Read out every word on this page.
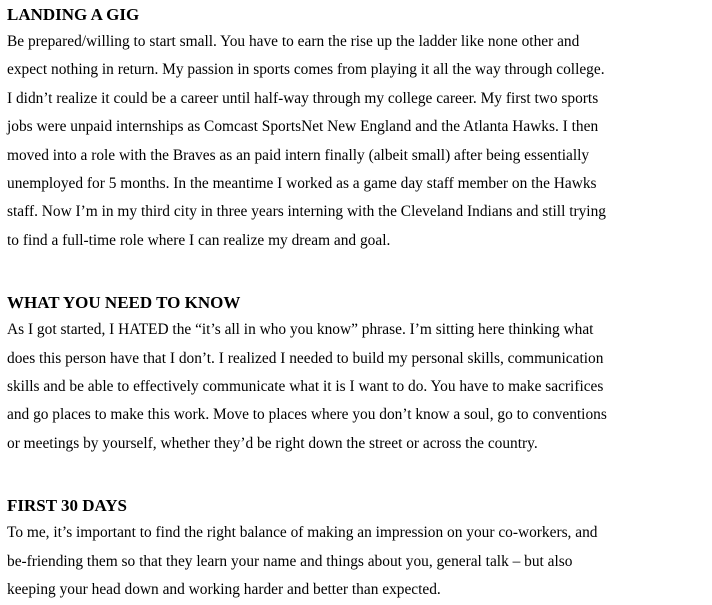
LANDING A GIG

Be prepared/willing to start small. You have to earn the rise up the ladder like none other and
expect nothing in return. My passion in sports comes from playing it all the way through college.
I didn’t realize it could be a career until half-way through my college career. My first two sports
jobs were unpaid internships as Comcast SportsNet New England and the Atlanta Hawks. I then
moved into a role with the Braves as an paid intern finally (albeit small) after being essentially
unemployed for 5 months. In the meantime I worked as a game day staff member on the Hawks
staff. Now I’m in my third city in three years interning with the Cleveland Indians and still trying
to find a full-time role where I can realize my dream and goal.

WHAT YOU NEED TO KNOW

As I got started, I HATED the “it’s all in who you know” phrase. I’m sitting here thinking what
does this person have that I don’t. I realized I needed to build my personal skills, communication
skills and be able to effectively communicate what it is I want to do. You have to make sacrifices
and go places to make this work. Move to places where you don’t know a soul, go to conventions
or meetings by yourself, whether they’d be right down the street or across the country.

FIRST 30 DAYS

To me, it’s important to find the right balance of making an impression on your co-workers, and
be-friending them so that they learn your name and things about you, general talk – but also
keeping your head down and working harder and better than expected.
